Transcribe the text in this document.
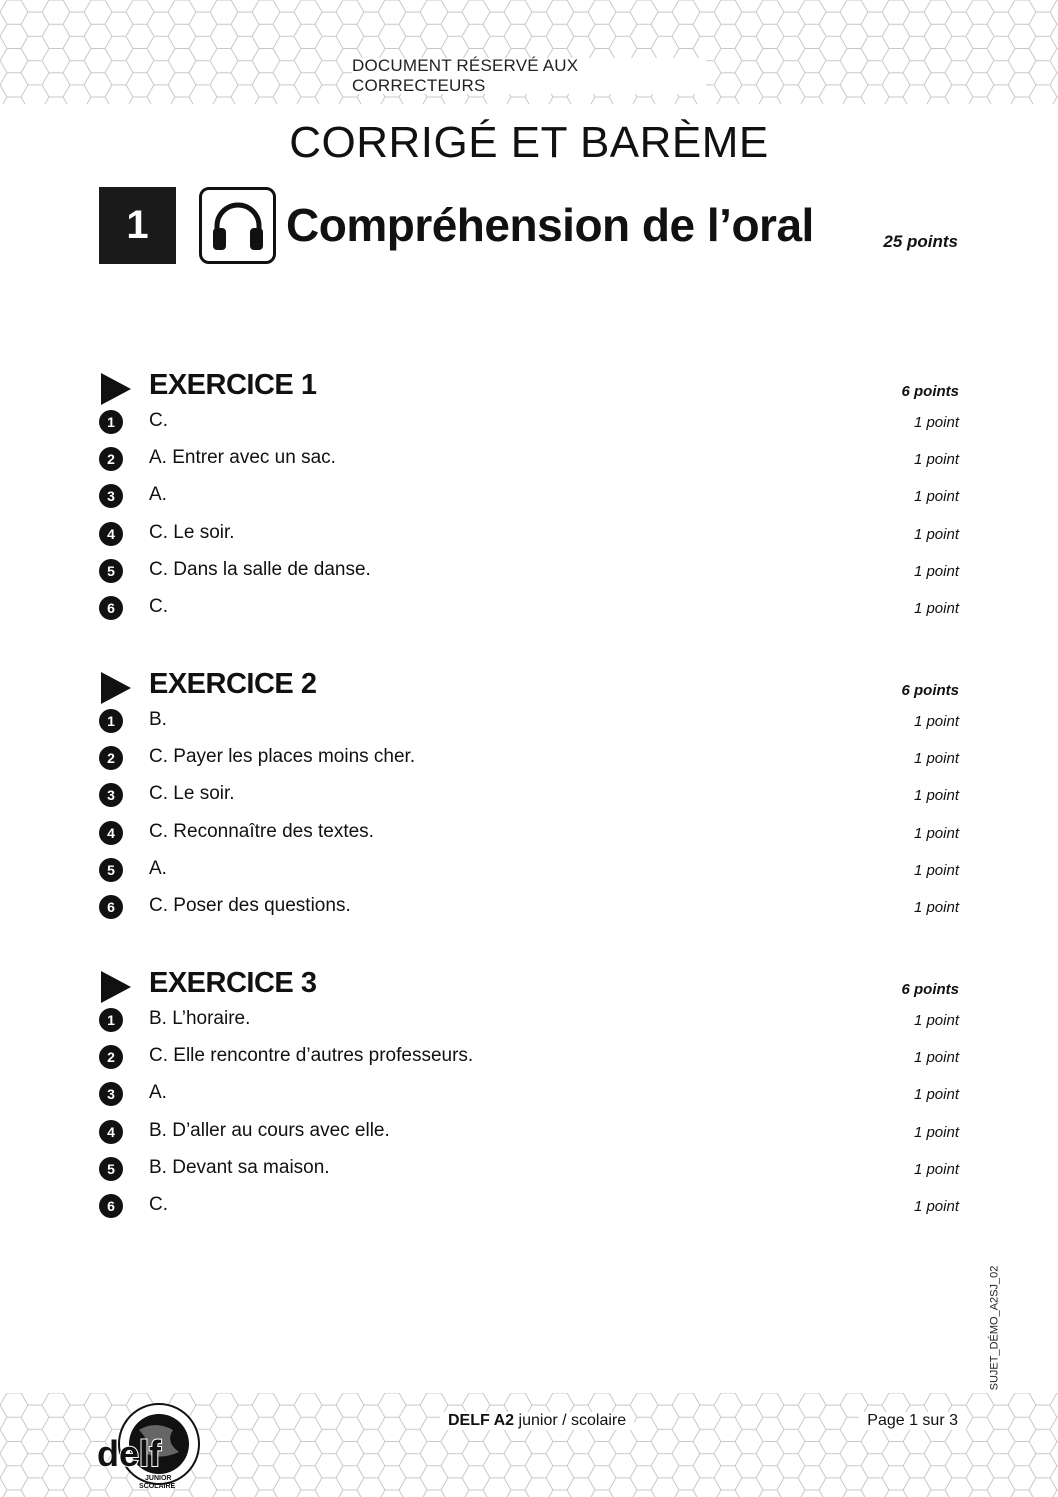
DOCUMENT RÉSERVÉ AUX CORRECTEURS
CORRIGÉ ET BARÈME
1	Compréhension de l’oral	25 points
EXERCICE 1	6 points
1	C.	1 point
2	A. Entrer avec un sac.	1 point
3	A.	1 point
4	C. Le soir.	1 point
5	C. Dans la salle de danse.	1 point
6	C.	1 point
EXERCICE 2	6 points
1	B.	1 point
2	C. Payer les places moins cher.	1 point
3	C. Le soir.	1 point
4	C. Reconnaître des textes.	1 point
5	A.	1 point
6	C. Poser des questions.	1 point
EXERCICE 3	6 points
1	B. L’horaire.	1 point
2	C. Elle rencontre d’autres professeurs.	1 point
3	A.	1 point
4	B. D’aller au cours avec elle.	1 point
5	B. Devant sa maison.	1 point
6	C.	1 point
SUJET_DÉMO_A2SJ_02
delf
JUNIOR
SCOLAIRE
DELF A2 junior / scolaire	Page 1 sur 3
